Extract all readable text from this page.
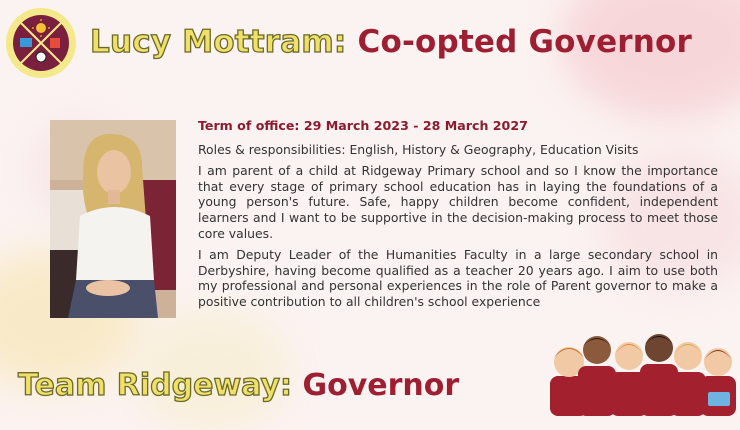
Lucy Mottram: Co-opted Governor

Term of office: 29 March 2023 - 28 March 2027

Roles & responsibilities: English, History & Geography, Education Visits

I am parent of a child at Ridgeway Primary school and so I know the importance that every stage of primary school education has in laying the foundations of a young person's future. Safe, happy children become confident, independent learners and I want to be supportive in the decision-making process to meet those core values.

I am Deputy Leader of the Humanities Faculty in a large secondary school in Derbyshire, having become qualified as a teacher 20 years ago. I aim to use both my professional and personal experiences in the role of Parent governor to make a positive contribution to all children's school experience

Team Ridgeway: Governor
